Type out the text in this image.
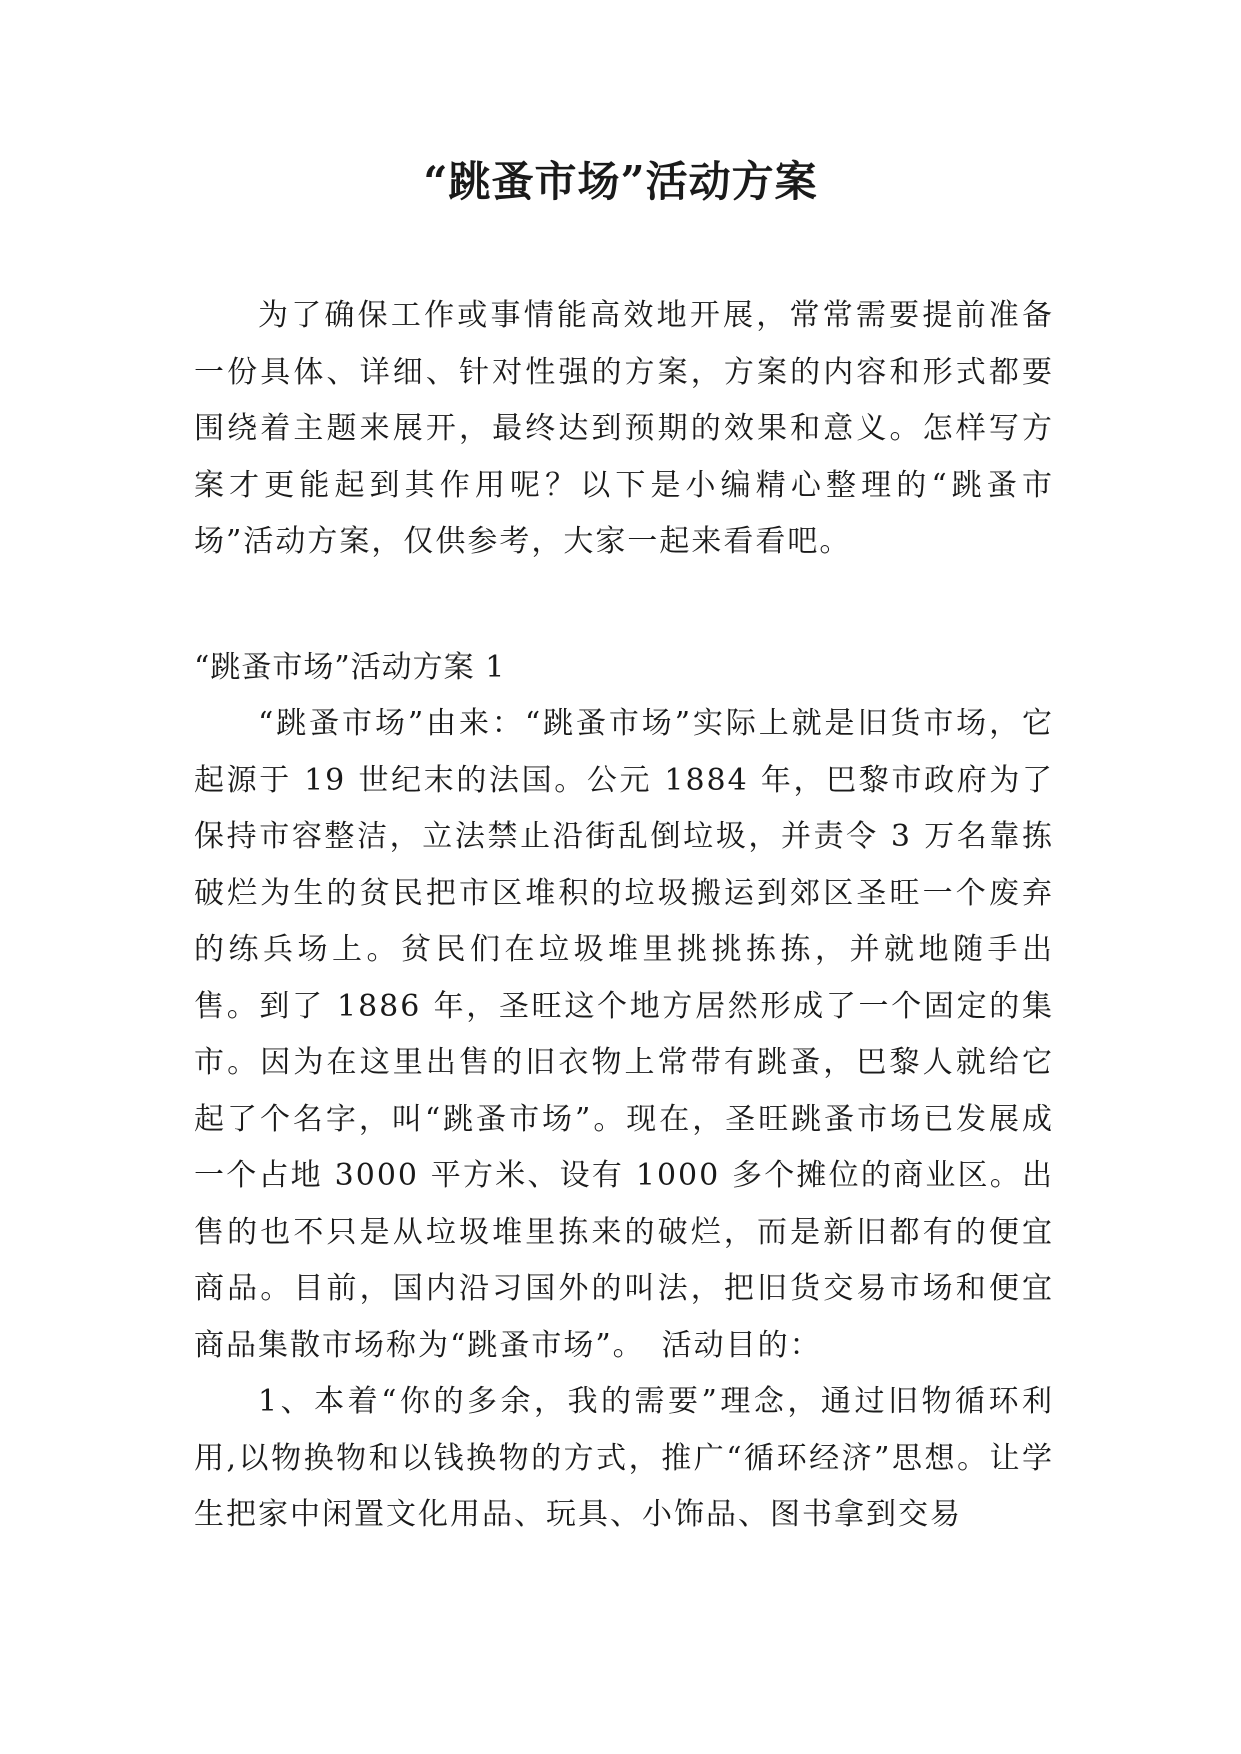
“跳蚤市场”活动方案

为了确保工作或事情能高效地开展，常常需要提前准备一份具体、详细、针对性强的方案，方案的内容和形式都要围绕着主题来展开，最终达到预期的效果和意义。怎样写方案才更能起到其作用呢？以下是小编精心整理的“跳蚤市场”活动方案，仅供参考，大家一起来看看吧。

“跳蚤市场”活动方案 1

“跳蚤市场”由来：“跳蚤市场”实际上就是旧货市场，它起源于 19 世纪末的法国。公元 1884 年，巴黎市政府为了保持市容整洁，立法禁止沿街乱倒垃圾，并责令 3 万名靠拣破烂为生的贫民把市区堆积的垃圾搬运到郊区圣旺一个废弃的练兵场上。贫民们在垃圾堆里挑挑拣拣，并就地随手出售。到了 1886 年，圣旺这个地方居然形成了一个固定的集市。因为在这里出售的旧衣物上常带有跳蚤，巴黎人就给它起了个名字，叫“跳蚤市场”。现在，圣旺跳蚤市场已发展成一个占地 3000 平方米、设有 1000 多个摊位的商业区。出售的也不只是从垃圾堆里拣来的破烂，而是新旧都有的便宜商品。目前，国内沿习国外的叫法，把旧货交易市场和便宜商品集散市场称为“跳蚤市场”。　活动目的：

1、本着“你的多余，我的需要”理念，通过旧物循环利用,以物换物和以钱换物的方式，推广“循环经济”思想。让学生把家中闲置文化用品、玩具、小饰品、图书拿到交易
